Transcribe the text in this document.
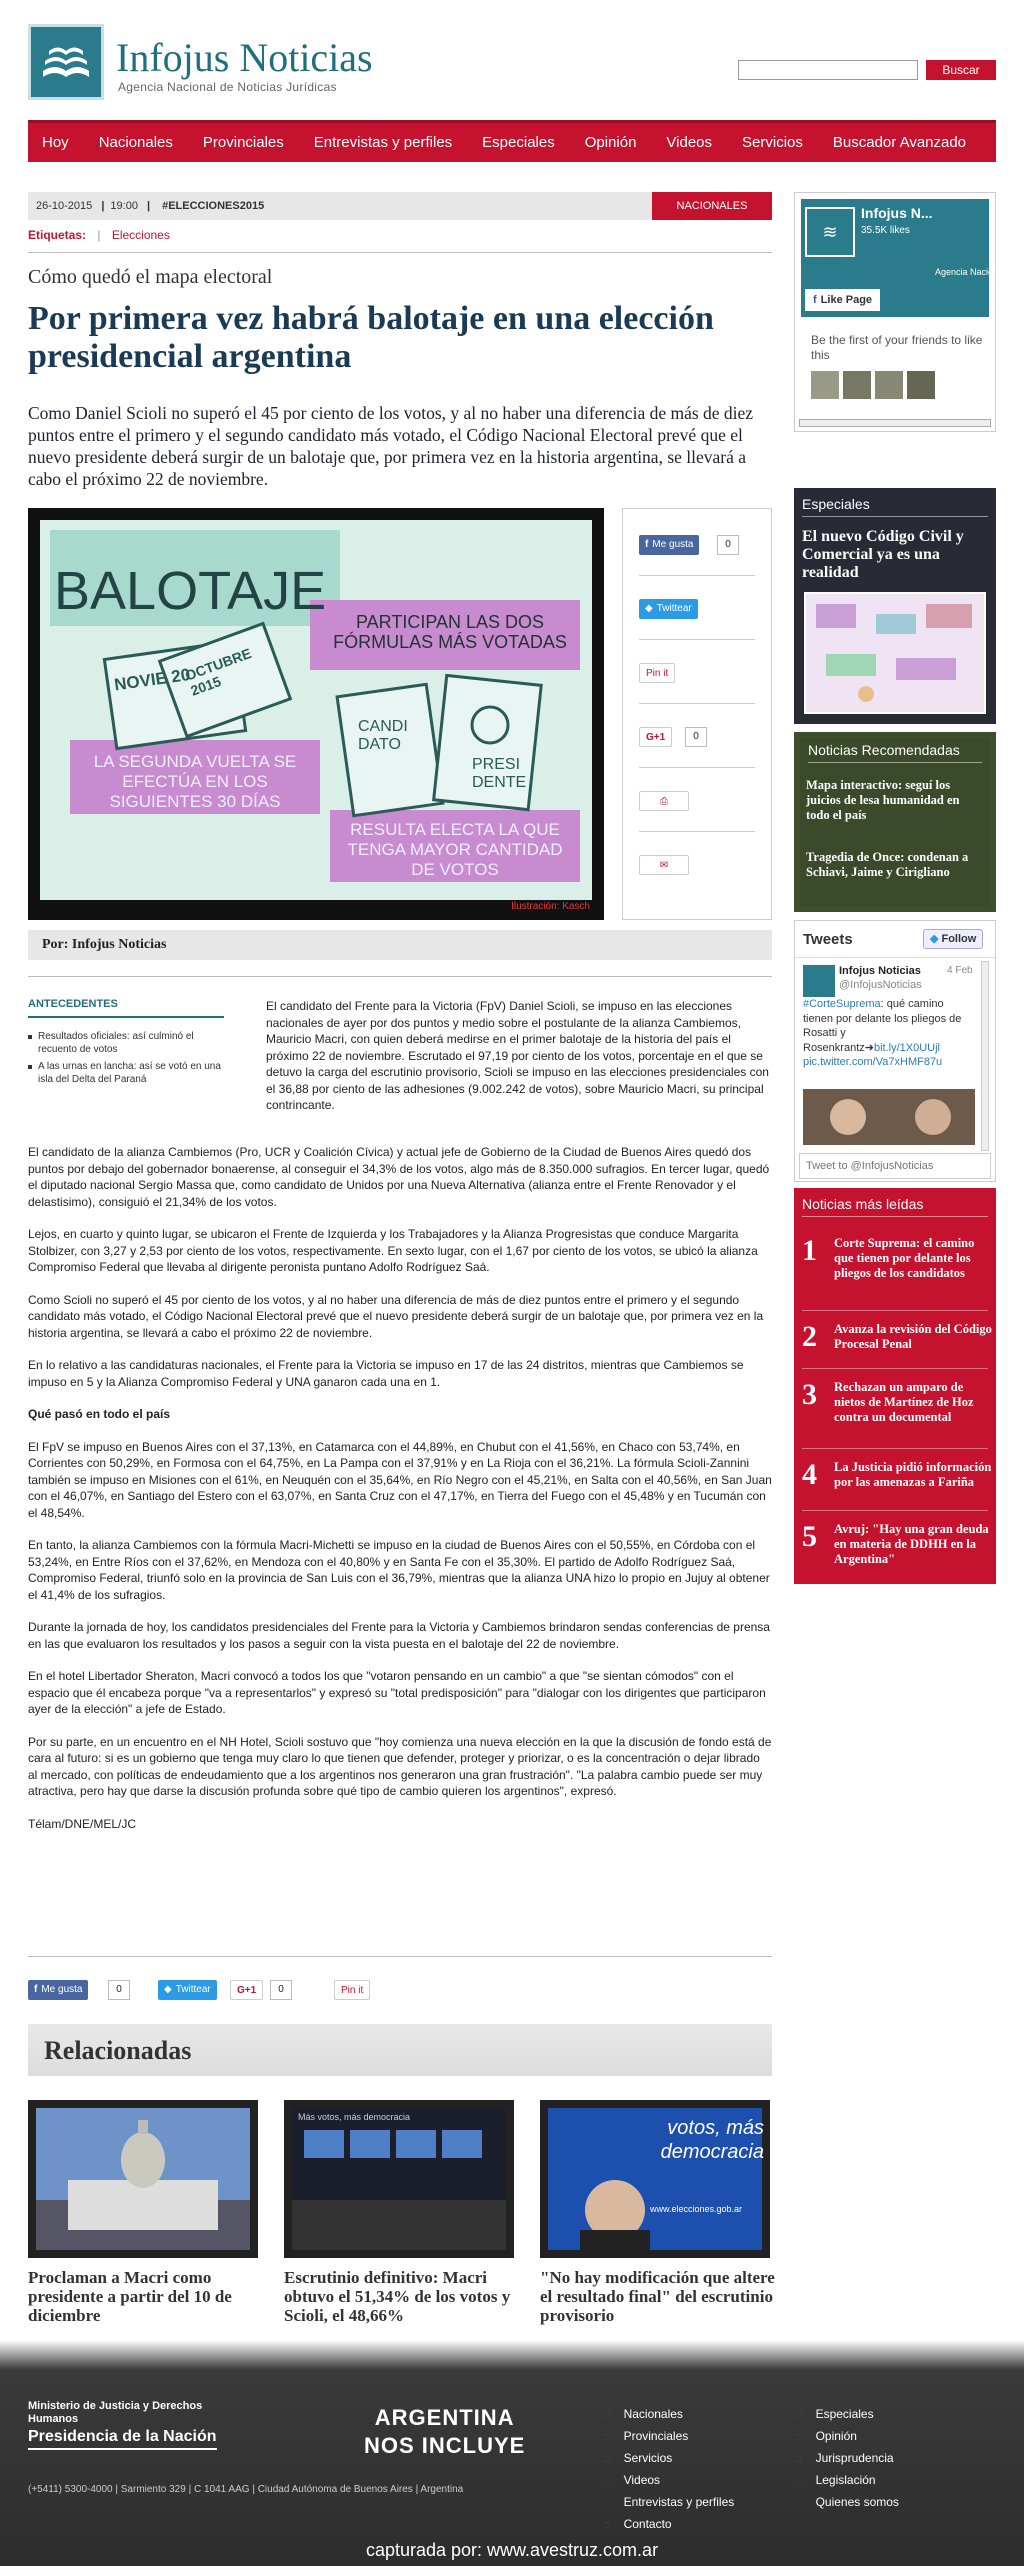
Infojus Noticias
Agencia Nacional de Noticias Jurídicas
Buscar
Hoy Nacionales Provinciales Entrevistas y perfiles Especiales Opinión Videos Servicios Buscador Avanzado
26-10-2015 | 19:00 | #ELECCIONES2015	NACIONALES
Etiquetas: | Elecciones
Cómo quedó el mapa electoral
Por primera vez habrá balotaje en una elección presidencial argentina
Como Daniel Scioli no superó el 45 por ciento de los votos, y al no haber una diferencia de más de diez puntos entre el primero y el segundo candidato más votado, el Código Nacional Electoral prevé que el nuevo presidente deberá surgir de un balotaje que, por primera vez en la historia argentina, se llevará a cabo el próximo 22 de noviembre.
BALOTAJE
PARTICIPAN LAS DOS FÓRMULAS MÁS VOTADAS
LA SEGUNDA VUELTA SE EFECTÚA EN LOS SIGUIENTES 30 DÍAS
RESULTA ELECTA LA QUE TENGA MAYOR CANTIDAD DE VOTOS
NOVIE 20
OCTUBRE 2015
CANDI DATO
PRESI DENTE
Ilustración: Kasch
f Me gusta	0
◆ Twittear
Pin it
G+1	0
⎙
✉
Por: Infojus Noticias
ANTECEDENTES
Resultados oficiales: así culminó el recuento de votos
A las urnas en lancha: así se votó en una isla del Delta del Paraná
El candidato del Frente para la Victoria (FpV) Daniel Scioli, se impuso en las elecciones nacionales de ayer por dos puntos y medio sobre el postulante de la alianza Cambiemos, Mauricio Macri, con quien deberá medirse en el primer balotaje de la historia del país el próximo 22 de noviembre. Escrutado el 97,19 por ciento de los votos, porcentaje en el que se detuvo la carga del escrutinio provisorio, Scioli se impuso en las elecciones presidenciales con el 36,88 por ciento de las adhesiones (9.002.242 de votos), sobre Mauricio Macri, su principal contrincante.

El candidato de la alianza Cambiemos (Pro, UCR y Coalición Cívica) y actual jefe de Gobierno de la Ciudad de Buenos Aires quedó dos puntos por debajo del gobernador bonaerense, al conseguir el 34,3% de los votos, algo más de 8.350.000 sufragios. En tercer lugar, quedó el diputado nacional Sergio Massa que, como candidato de Unidos por una Nueva Alternativa (alianza entre el Frente Renovador y el delastisimo), consiguió el 21,34% de los votos.

Lejos, en cuarto y quinto lugar, se ubicaron el Frente de Izquierda y los Trabajadores y la Alianza Progresistas que conduce Margarita Stolbizer, con 3,27 y 2,53 por ciento de los votos, respectivamente. En sexto lugar, con el 1,67 por ciento de los votos, se ubicó la alianza Compromiso Federal que llevaba al dirigente peronista puntano Adolfo Rodríguez Saá.

Como Scioli no superó el 45 por ciento de los votos, y al no haber una diferencia de más de diez puntos entre el primero y el segundo candidato más votado, el Código Nacional Electoral prevé que el nuevo presidente deberá surgir de un balotaje que, por primera vez en la historia argentina, se llevará a cabo el próximo 22 de noviembre.

En lo relativo a las candidaturas nacionales, el Frente para la Victoria se impuso en 17 de las 24 distritos, mientras que Cambiemos se impuso en 5 y la Alianza Compromiso Federal y UNA ganaron cada una en 1.

Qué pasó en todo el país

El FpV se impuso en Buenos Aires con el 37,13%, en Catamarca con el 44,89%, en Chubut con el 41,56%, en Chaco con 53,74%, en Corrientes con 50,29%, en Formosa con el 64,75%, en La Pampa con el 37,91% y en La Rioja con el 36,21%. La fórmula Scioli-Zannini también se impuso en Misiones con el 61%, en Neuquén con el 35,64%, en Río Negro con el 45,21%, en Salta con el 40,56%, en San Juan con el 46,07%, en Santiago del Estero con el 63,07%, en Santa Cruz con el 47,17%, en Tierra del Fuego con el 45,48% y en Tucumán con el 48,54%.

En tanto, la alianza Cambiemos con la fórmula Macri-Michetti se impuso en la ciudad de Buenos Aires con el 50,55%, en Córdoba con el 53,24%, en Entre Ríos con el 37,62%, en Mendoza con el 40,80% y en Santa Fe con el 35,30%. El partido de Adolfo Rodríguez Saá, Compromiso Federal, triunfó solo en la provincia de San Luis con el 36,79%, mientras que la alianza UNA hizo lo propio en Jujuy al obtener el 41,4% de los sufragios.

Durante la jornada de hoy, los candidatos presidenciales del Frente para la Victoria y Cambiemos brindaron sendas conferencias de prensa en las que evaluaron los resultados y los pasos a seguir con la vista puesta en el balotaje del 22 de noviembre.

En el hotel Libertador Sheraton, Macri convocó a todos los que "votaron pensando en un cambio" a que "se sientan cómodos" con el espacio que él encabeza porque "va a representarlos" y expresó su "total predisposición" para "dialogar con los dirigentes que participaron ayer de la elección" a jefe de Estado.

Por su parte, en un encuentro en el NH Hotel, Scioli sostuvo que "hoy comienza una nueva elección en la que la discusión de fondo está de cara al futuro: si es un gobierno que tenga muy claro lo que tienen que defender, proteger y priorizar, o es la concentración o dejar librado al mercado, con políticas de endeudamiento que a los argentinos nos generaron una gran frustración". "La palabra cambio puede ser muy atractiva, pero hay que darse la discusión profunda sobre qué tipo de cambio quieren los argentinos", expresó.

Télam/DNE/MEL/JC

f Me gusta	0	◆ Twittear	G+1	0	Pin it
Relacionadas
Más votos, más democracia	votos, más democracia
www.elecciones.gob.ar
Proclaman a Macri como presidente a partir del 10 de diciembre
Escrutinio definitivo: Macri obtuvo el 51,34% de los votos y Scioli, el 48,66%
"No hay modificación que altere el resultado final" del escrutinio provisorio
≋
Infojus N...
35.5K likes
Agencia Nacional de N
f Like Page
Be the first of your friends to like this
Especiales
El nuevo Código Civil y Comercial ya es una realidad
Noticias Recomendadas
Mapa interactivo: seguí los juicios de lesa humanidad en todo el país
Tragedia de Once: condenan a Schiavi, Jaime y Cirigliano
Tweets	◆ Follow
Infojus Noticias	4 Feb
@InfojusNoticias
#CorteSuprema: qué camino tienen por delante los pliegos de Rosatti y Rosenkrantz➜bit.ly/1X0UUjl
pic.twitter.com/Va7xHMF87u
Tweet to @InfojusNoticias
Noticias más leídas
1 Corte Suprema: el camino que tienen por delante los pliegos de los candidatos
2 Avanza la revisión del Código Procesal Penal
3 Rechazan un amparo de nietos de Martínez de Hoz contra un documental
4 La Justicia pidió información por las amenazas a Fariña
5 Avruj: "Hay una gran deuda en materia de DDHH en la Argentina"
Ministerio de Justicia y Derechos Humanos
Presidencia de la Nación
ARGENTINA
NOS INCLUYE
(+5411) 5300-4000 | Sarmiento 329 | C 1041 AAG | Ciudad Autónoma de Buenos Aires | Argentina
:: Nacionales
:: Provinciales
:: Servicios
:: Videos
:: Entrevistas y perfiles
:: Contacto
:: Especiales
:: Opinión
:: Jurisprudencia
:: Legislación
:: Quienes somos
capturada por: www.avestruz.com.ar
